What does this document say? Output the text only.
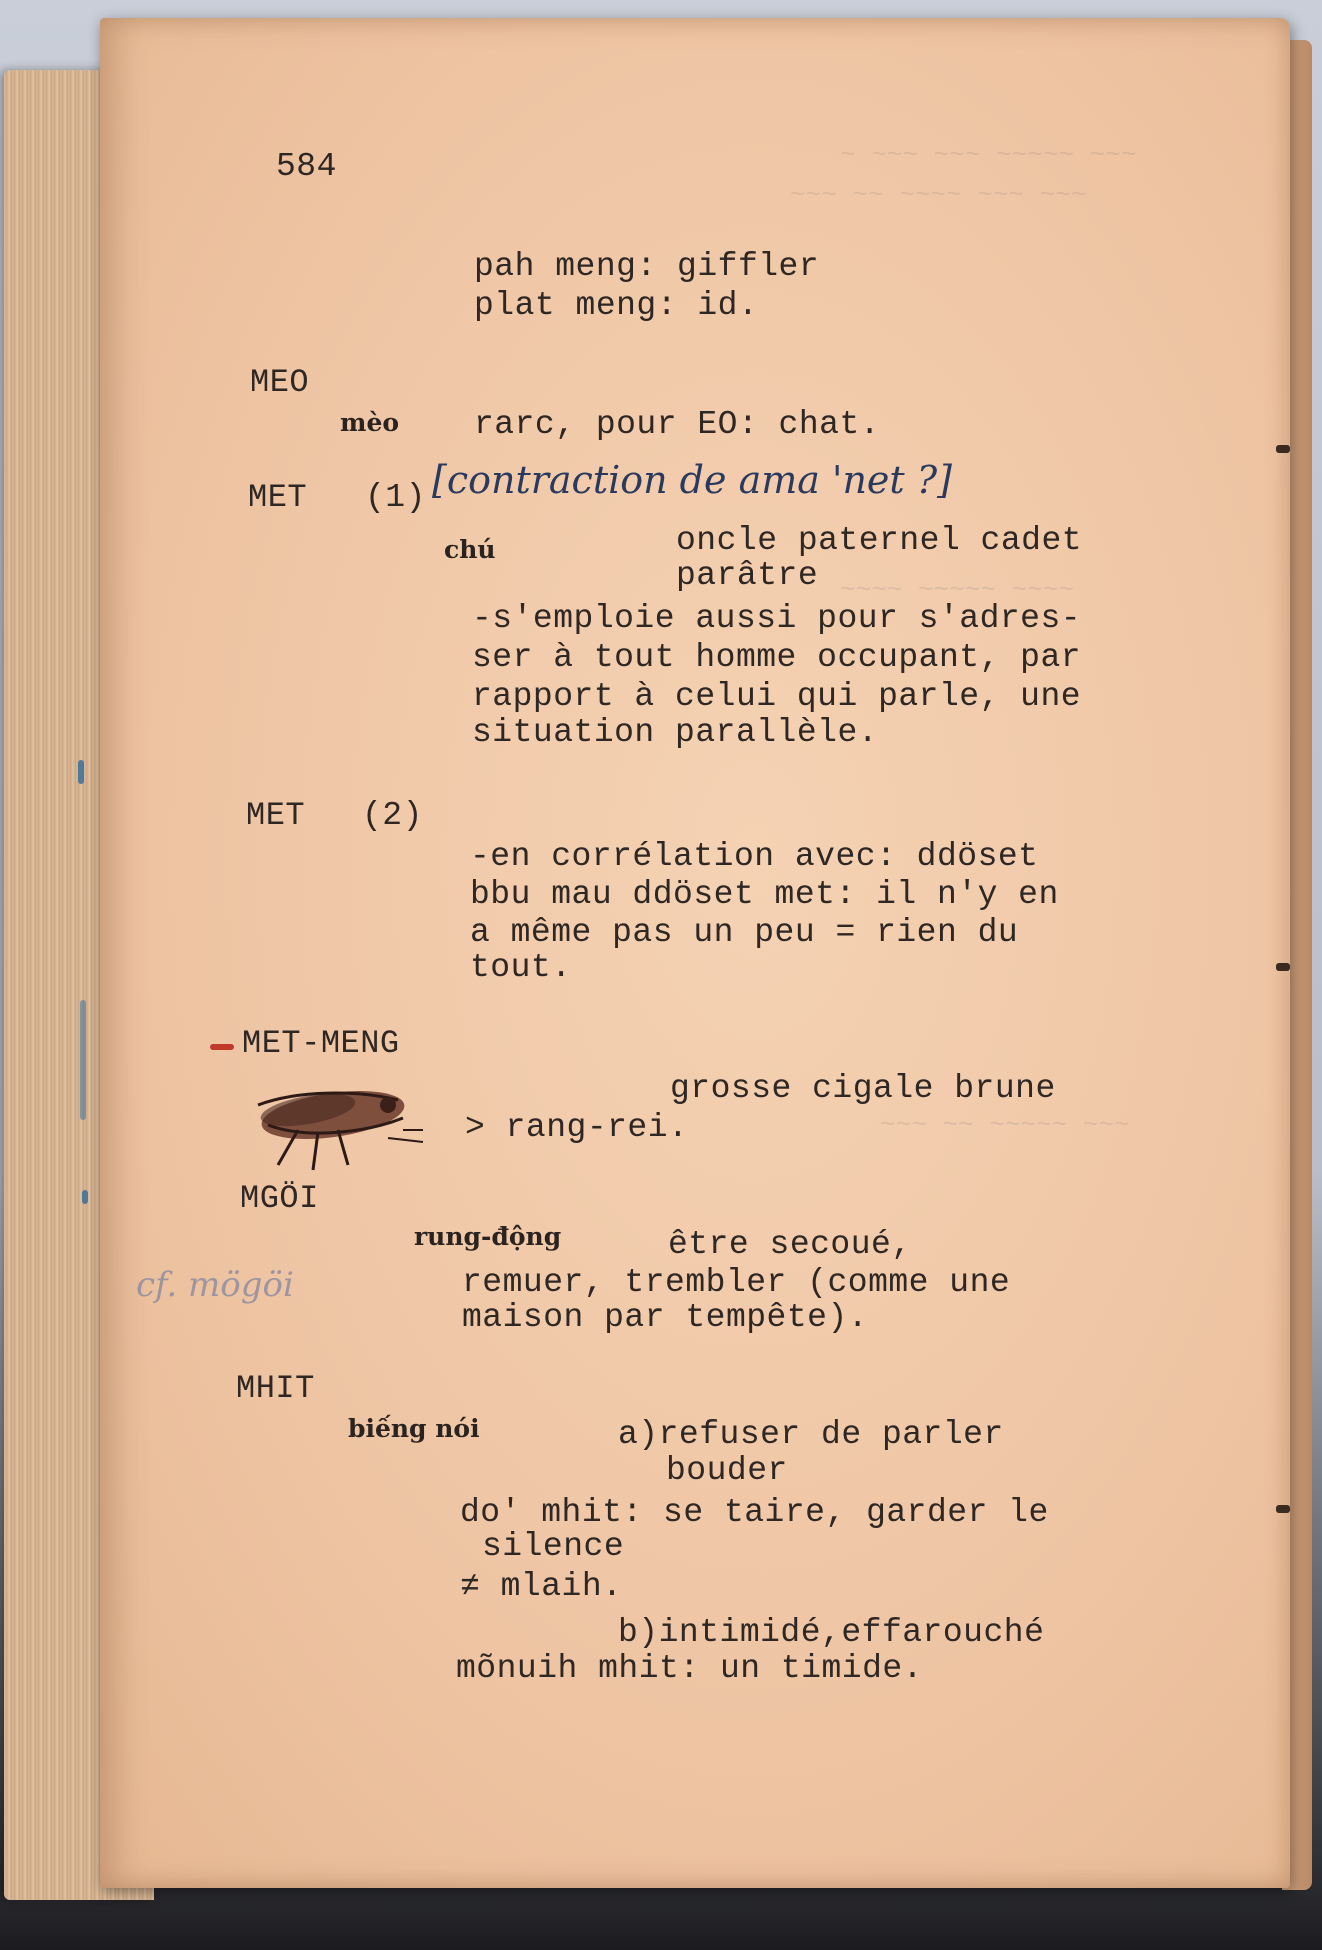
~ ~~~ ~~~ ~~~~~ ~~~
~~~ ~~ ~~~~ ~~~ ~~~
~~~~ ~~~~~ ~~~~
~~~ ~~ ~~~~~ ~~~
584
pah meng: giffler
plat meng: id.
MEO
mèo rarc, pour EO: chat.
MET (1) [contraction de ama 'net ?]
chú	oncle paternel cadet
parâtre
-s'emploie aussi pour s'adres-
ser à tout homme occupant, par
rapport à celui qui parle, une
situation parallèle.
MET (2)
-en corrélation avec: ddöset
bbu mau ddöset met: il n'y en
a même pas un peu = rien du
tout.
MET-MENG
grosse cigale brune
> rang-rei.
MGÖI
rung-động	être secoué,
remuer, trembler (comme une
maison par tempête).
cf. mögöi
MHIT
biếng nói	a)refuser de parler
bouder
do' mhit: se taire, garder le
silence
≠ mlaih.
b)intimidé,effarouché
mõnuih mhit: un timide.
